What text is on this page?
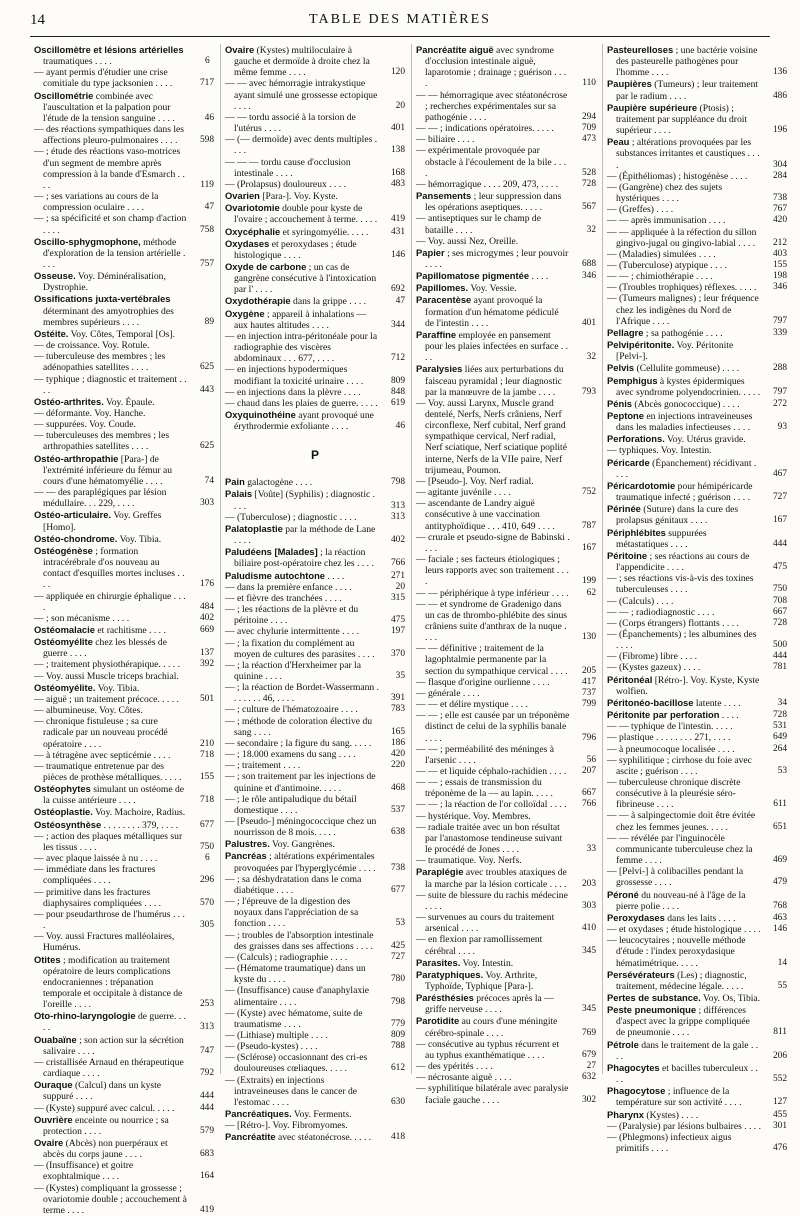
14	TABLE DES MATIÈRES

Oscillomètre et lésions artérielles traumatiques . . . .	6

— ayant permis d'étudier une crise comitiale du type jacksonien . . . .	717

Oscillométrie combinée avec l'auscultation et la palpation pour l'étude de la tension sanguine . . . .	46

— des réactions sympathiques dans les affections pleuro-pulmonaires . . . . 598

— ; étude des réactions vaso-motrices d'un segment de membre après compression à la bande d'Esmarch . . . .	119

— ; ses variations au cours de la compression oculaire . . . .	47

— ; sa spécificité et son champ d'action . . . .	758

Oscillo-sphygmophone, méthode d'exploration de la tension artérielle . . . .	757

Osseuse. Voy. Déminéralisation, Dystrophie.

Ossifications juxta-vertébrales déterminant des amyotrophies des membres supérieurs . . . .	89

Ostéite. Voy. Côtes, Temporal [Os].

— de croissance. Voy. Rotule.

— tuberculeuse des membres ; les adénopathies satellites . . . .	625

— typhique ; diagnostic et traitement . . . .	443

Ostéo-arthrites. Voy. Épaule.

— déformante. Voy. Hanche.

— suppurées. Voy. Coude.

— tuberculeuses des membres ; les arthropathies satellites . . . .	625

Ostéo-arthropathie [Para-] de l'extrémité inférieure du fémur au cours d'une hématomyélie . . . .	74

— — des paraplégiques par lésion médullaire. . . 229, . . . .	303

Ostéo-articulaire. Voy. Greffes [Homo].

Ostéo-chondrome. Voy. Tibia.

Ostéogénèse ; formation intracérébrale d'os nouveau au contact d'esquilles mortes incluses . . . .	176

— appliquée en chirurgie éphalique . . . .	484

— ; son mécanisme . . . .	402

Ostéomalacie et rachitisme . . . .	669

Ostéomyélite chez les blessés de guerre . . . .	137

— ; traitement physiothérapique. . . . . 392

— Voy. aussi Muscle triceps brachial.

Ostéomyélite. Voy. Tibia.

— aiguë ; un traitement précoce. . . . . 501

— albumineuse. Voy. Côtes.

— chronique fistuleuse ; sa cure radicale par un nouveau procédé opératoire . . . .	210

— à tétragène avec septicémie . . . .	718

— traumatique entretenue par des pièces de prothèse métalliques. . . . . 155

Ostéophytes simulant un ostéome de la cuisse antérieure . . . .	718

Ostéoplastie. Voy. Machoire, Radius.

Ostéosynthèse . . . . . . . . 379, . . . . 677

— ; action des plaques métalliques sur les tissus . . . .	750

— avec plaque laissée à nu . . . .	6

— immédiate dans les fractures compliquées . . . .	296

— primitive dans les fractures diaphysaires compliquées . . . .	570

— pour pseudarthrose de l'humérus . . . .	305

— Voy. aussi Fractures malléolaires, Humérus.

Otites ; modification au traitement opératoire de leurs complications endocraniennes : trépanation temporale et occipitale à distance de l'oreille . . . .	253

Oto-rhino-laryngologie de guerre. . . . .	313

Ouabaïne ; son action sur la sécrétion salivaire . . . .	747

— cristallisée Arnaud en thérapeutique cardiaque . . . .	792

Ouraque (Calcul) dans un kyste suppuré . . . .	444

— (Kyste) suppuré avec calcul. . . . .	444

Ouvrière enceinte ou nourrice ; sa protection . . . .	579

Ovaire (Abcès) non puerpéraux et abcès du corps jaune . . . .	683

— (Insuffisance) et goitre exophtalmique . . . .	164

— (Kystes) compliquant la grossesse ; ovariotomie double ; accouchement à terme . . . .	419

Ovaire (Kystes) multiloculaire à gauche et dermoïde à droite chez la même femme . . . .	120

— — avec hémorragie intrakystique ayant simulé une grossesse ectopique . . . .	20

— — tordu associé à la torsion de l'utérus . . . .	401

— (— dermoïde) avec dents multiples . . . .	138

— — — tordu cause d'occlusion intestinale . . . .	168

— (Prolapsus) douloureux . . . .	483

Ovarien [Para-]. Voy. Kyste.

Ovariotomie double pour kyste de l'ovaire ; accouchement à terme. . . . . 419

Oxycéphalie et syringomyélie. . . . . 431

Oxydases et peroxydases ; étude histologique . . . .	146

Oxyde de carbone ; un cas de gangrène consécutive à l'intoxication par l' . . . .	692

Oxydothérapie dans la grippe . . . .	47

Oxygène ; appareil à inhalations — aux hautes altitudes . . . .	344

— en injection intra-péritonéale pour la radiographie des viscères abdominaux . . . 677, . . . .	712

— en injections hypodermiques modifiant la toxicité urinaire . . . .	809

— en injections dans la plèvre . . . .	848

— chaud dans les plaies de guerre. . . . . 619

Oxyquinothéine ayant provoqué une érythrodermie exfoliante . . . .	46

P

Pain galactogène . . . .	798

Palais [Voûte] (Syphilis) ; diagnostic . . . .	313

— (Tuberculose) ; diagnostic . . . .	313

Palatoplastie par la méthode de Lane . . . .	402

Paludéens [Malades] ; la réaction biliaire post-opératoire chez les . . . . 766

Paludisme autochtone . . . .	271

— dans la première enfance . . . .	20

— et fièvre des tranchées . . . .	315

— ; les réactions de la plèvre et du péritoine . . . .	475

— avec chylurie intermittente . . . .	197

— ; la fixation du complément au moyen de cultures des parasites . . . . 370

— ; la réaction d'Herxheimer par la quinine . . . .	35

— ; la réaction de Bordet-Wassermann . . . . . . . 46, . . . .	391

— ; culture de l'hématozoaire . . . .	783

— ; méthode de coloration élective du sang . . . .	165

— secondaire ; la figure du sang. . . . . 186

— ; 18.000 examens du sang . . . .	420

— ; traitement . . . .	220

— ; son traitement par les injections de quinine et d'antimoine. . . . .	468

— ; le rôle antipaludique du bétail domestique . . . .	537

— [Pseudo-] méningococcique chez un nourrisson de 8 mois. . . . .	638

Palustres. Voy. Gangrènes.

Pancréas ; altérations expérimentales provoquées par l'hyperglycémie . . . . 738

— ; sa déshydratation dans le coma diabétique . . . .	677

— ; l'épreuve de la digestion des noyaux dans l'appréciation de sa fonction . . . .	53

— ; troubles de l'absorption intestinale des graisses dans ses affections . . . . 425

— (Calculs) ; radiographie . . . .	727

— (Hématome traumatique) dans un kyste du . . . .	780

— (Insuffisance) cause d'anaphylaxie alimentaire . . . .	798

— (Kyste) avec hématome, suite de traumatisme . . . .	779

— (Lithiase) multiple . . . .	809

— (Pseudo-kystes) . . . .	788

— (Sclérose) occasionnant des cri-es douloureuses cœliaques. . . . .	612

— (Extraits) en injections intraveineuses dans le cancer de l'estomac . . . .	630

Pancréatiques. Voy. Ferments.

— [Rétro-]. Voy. Fibromyomes.

Pancréatite avec stéatonécrose. . . . . 418

Pancréatite aiguë avec syndrome d'occlusion intestinale aiguë, laparotomie ; drainage ; guérison . . . .	110

— — hémorragique avec stéatonécrose ; recherches expérimentales sur sa pathogénie . . . .	294

— — ; indications opératoires. . . . .	709

— biliaire . . . .	473

— expérimentale provoquée par obstacle à l'écoulement de la bile . . . .	528

— hémorragique . . . . 209, 473, . . . .	728

Pansements ; leur suppression dans les opérations aseptiques. . . . .	567

— antiseptiques sur le champ de bataille . . . .	32

— Voy. aussi Nez, Oreille.

Papier ; ses microgymes ; leur pouvoir . . . .	688

Papillomatose pigmentée . . . .	346

Papillomes. Voy. Vessie.

Paracentèse ayant provoqué la formation d'un hématome pédiculé de l'intestin . . . .	401

Paraffine employée en pansement pour les plaies infectées en surface . . . .	32

Paralysies liées aux perturbations du faisceau pyramidal ; leur diagnostic par la manœuvre de la jambe . . . .	793

— Voy. aussi Larynx, Muscle grand dentelé, Nerfs, Nerfs crâniens, Nerf circonflexe, Nerf cubital, Nerf grand sympathique cervical, Nerf radial, Nerf sciatique, Nerf sciatique poplité interne, Nerfs de la VIIe paire, Nerf trijumeau, Poumon.

— [Pseudo-]. Voy. Nerf radial.

— agitante juvénile . . . .	752

— ascendante de Landry aiguë consécutive à une vaccination antityphoïdique . . . 410, 649 . . . .	787

— crurale et pseudo-signe de Babinski . . . .	167

— faciale ; ses facteurs étiologiques ; leurs rapports avec son traitement . . . .	199

— — périphérique à type inférieur . . . . 62

— — et syndrome de Gradenigo dans un cas de thrombo-phlébite des sinus crâniens suite d'anthrax de la nuque . . . .	130

— — définitive ; traitement de la lagophtalmie permanente par la section du sympathique cervical . . . . 205

— flasque d'origine ourlienne . . . .	417

— générale . . . .	737

— — et délire mystique . . . .	799

— — ; elle est causée par un tréponème distinct de celui de la syphilis banale . . . .	796

— — ; perméabilité des méninges à l'arsenic . . . .	56

— — et liquide céphalo-rachidien . . . . 207

— — ; essais de transmission du tréponème de la — au lapin. . . . .	667

— — ; la réaction de l'or colloïdal . . . . 766

— hystérique. Voy. Membres.

— radiale traitée avec un bon résultat par l'anastomose tendineuse suivant le procédé de Jones . . . .	33

— traumatique. Voy. Nerfs.

Paraplégie avec troubles ataxiques de la marche par la lésion corticale . . . . 203

— suite de blessure du rachis médecine . . . .	303

— survenues au cours du traitement arsenical . . . .	410

— en flexion par ramollissement cérébral . . . .	345

Parasites. Voy. Intestin.

Paratyphiques. Voy. Arthrite, Typhoïde, Typhique [Para-].

Parésthésies précoces après la — griffe nerveuse . . . .	345

Parotidite au cours d'une méningite cérébro-spinale . . . .	769

— consécutive au typhus récurrent et au typhus exanthématique . . . .	679

— des ypérités . . . .	27

— nécrosante aiguë . . . .	632

— syphilitique bilatérale avec paralysie faciale gauche . . . .	302

Pasteurelloses ; une bactérie voisine des pasteurelle pathogènes pour l'homme . . . .	136

Paupières (Tumeurs) ; leur traitement par le radium . . . .	486

Paupière supérieure (Ptosis) ; traitement par suppléance du droit supérieur . . . .	196

Peau ; altérations provoquées par les substances irritantes et caustiques . . . .	304

— (Épithéliomas) ; histogénèse . . . .	284

— (Gangrène) chez des sujets hystériques . . . .	738

— (Greffes) . . . .	767

— — après immunisation . . . .	420

— — appliquée à la réfection du sillon gingivo-jugal ou gingivo-labial . . . . 212

— (Maladies) simulées . . . .	403

— (Tuberculose) atypique . . . .	155

— — ; chimiothérapie . . . .	198

— (Troubles trophiques) réflexes. . . . . 346

— (Tumeurs malignes) ; leur fréquence chez les indigènes du Nord de l'Afrique . . . .	797

Pellagre ; sa pathogénie . . . .	339

Pelvipéritonite. Voy. Péritonite [Pelvi-].

Pelvis (Cellulite gommeuse) . . . .	288

Pemphigus à kystes épidermiques avec syndrome polyendocrinien. . . . . 797

Pénis (Abcès gonococcique) . . . .	272

Peptone en injections intraveineuses dans les maladies infectieuses . . . .	93

Perforations. Voy. Utérus gravide.

— typhiques. Voy. Intestin.

Péricarde (Épanchement) récidivant . . . .	467

Péricardotomie pour hémipéricarde traumatique infecté ; guérison . . . . 727

Périnée (Suture) dans la cure des prolapsus génitaux . . . .	167

Périphlébites suppurées métastatiques . . . .	444

Péritoine ; ses réactions au cours de l'appendicite . . . .	475

— ; ses réactions vis-à-vis des toxines tuberculeuses . . . .	750

— (Calculs) . . . .	708

— — ; radiodiagnostic . . . .	667

— (Corps étrangers) flottants . . . .	728

— (Épanchements) ; les albumines des . . . .	500

— (Fibrome) libre . . . .	444

— (Kystes gazeux) . . . .	781

Péritonéal [Rétro-]. Voy. Kyste, Kyste wolfien.

Péritonéo-bacillose latente . . . .	34

Péritonite par perforation . . . .	728

— — typhique de l'intestin. . . . .	531

— plastique . . . . . . . . 271, . . . .	649

— à pneumocoque localisée . . . .	264

— syphilitique ; cirrhose du foie avec ascite ; guérison . . . .	53

— tuberculeuse chronique discrète consécutive à la pleurésie séro-fibrineuse . . . .	611

— — à salpingectomie doit être évitée chez les femmes jeunes. . . . .	651

— — révélée par l'inguinocèle communicante tuberculeuse chez la femme . . . .	469

— [Pelvi-] à colibacilles pendant la grossesse . . . .	479

Péroné du nouveau-né à l'âge de la pierre polie . . . .	768

Peroxydases dans les laits . . . .	463

— et oxydases ; étude histologique . . . . 146

— leucocytaires ; nouvelle méthode d'étude : l'index peroxydasique hématimétrique. . . . .	14

Persévérateurs (Les) ; diagnostic, traitement, médecine légale. . . . .	55

Pertes de substance. Voy. Os, Tibia.

Peste pneumonique ; différences d'aspect avec la grippe compliquée de pneumonie . . . .	811

Pétrole dans le traitement de la gale . . . .	206

Phagocytes et bacilles tuberculeux . . . .	552

Phagocytose ; influence de la température sur son activité . . . .	127

Pharynx (Kystes) . . . .	455

— (Paralysie) par lésions bulbaires . . . . 301

— (Phlegmons) infectieux aigus primitifs . . . .	476
